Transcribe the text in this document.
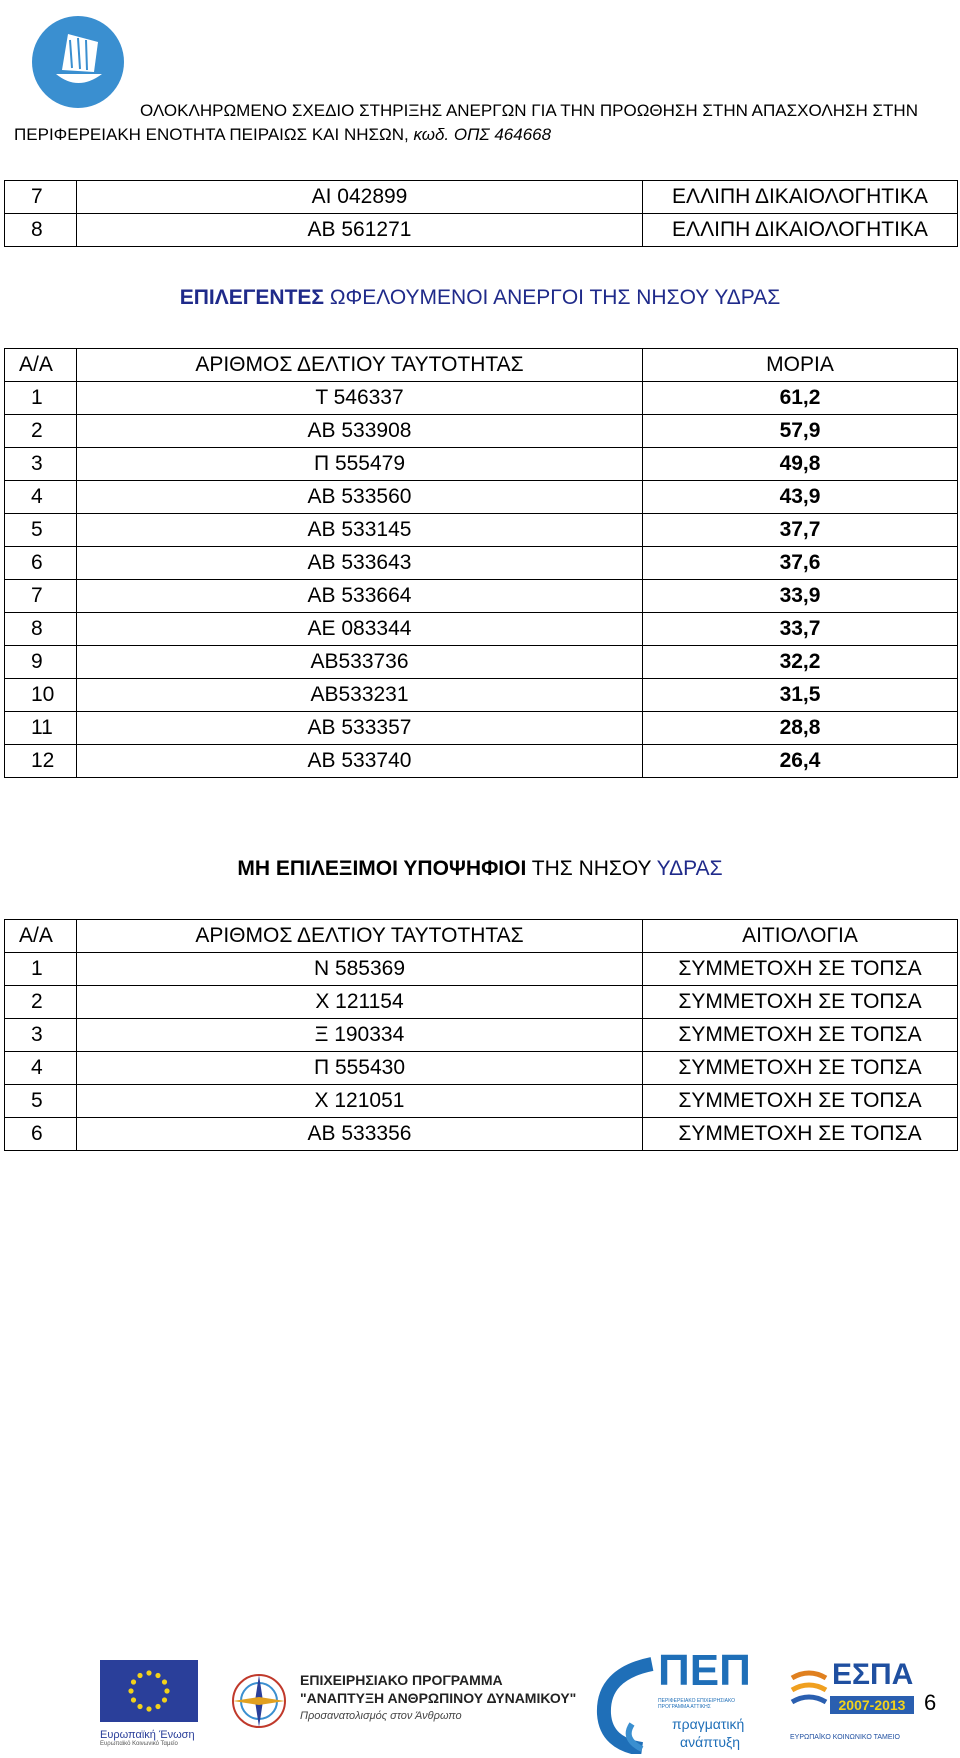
ΟΛΟΚΛΗΡΩΜΕΝΟ ΣΧΕΔΙΟ ΣΤΗΡΙΞΗΣ ΑΝΕΡΓΩΝ ΓΙΑ ΤΗΝ ΠΡΟΩΘΗΣΗ ΣΤΗΝ ΑΠΑΣΧΟΛΗΣΗ ΣΤΗΝ
ΠΕΡΙΦΕΡΕΙΑΚΗ ΕΝΟΤΗΤΑ ΠΕΙΡΑΙΩΣ ΚΑΙ ΝΗΣΩΝ, κωδ. ΟΠΣ 464668
7	ΑΙ 042899	ΕΛΛΙΠΗ ΔΙΚΑΙΟΛΟΓΗΤΙΚΑ
8	ΑΒ 561271	ΕΛΛΙΠΗ ΔΙΚΑΙΟΛΟΓΗΤΙΚΑ
ΕΠΙΛΕΓΕΝΤΕΣ ΩΦΕΛΟΥΜΕΝΟΙ ΑΝΕΡΓΟΙ ΤΗΣ ΝΗΣΟΥ ΥΔΡΑΣ
Α/Α	ΑΡΙΘΜΟΣ ΔΕΛΤΙΟΥ ΤΑΥΤΟΤΗΤΑΣ	ΜΟΡΙΑ
1	Τ 546337	61,2
2	ΑΒ 533908	57,9
3	Π 555479	49,8
4	ΑΒ 533560	43,9
5	ΑΒ 533145	37,7
6	ΑΒ 533643	37,6
7	ΑΒ 533664	33,9
8	ΑΕ 083344	33,7
9	ΑΒ533736	32,2
10	ΑΒ533231	31,5
11	ΑΒ 533357	28,8
12	ΑΒ 533740	26,4
ΜΗ ΕΠΙΛΕΞΙΜΟΙ ΥΠΟΨΗΦΙΟΙ ΤΗΣ ΝΗΣΟΥ ΥΔΡΑΣ
Α/Α	ΑΡΙΘΜΟΣ ΔΕΛΤΙΟΥ ΤΑΥΤΟΤΗΤΑΣ	ΑΙΤΙΟΛΟΓΙΑ
1	Ν 585369	ΣΥΜΜΕΤΟΧΗ ΣΕ ΤΟΠΣΑ
2	Χ 121154	ΣΥΜΜΕΤΟΧΗ ΣΕ ΤΟΠΣΑ
3	Ξ 190334	ΣΥΜΜΕΤΟΧΗ ΣΕ ΤΟΠΣΑ
4	Π 555430	ΣΥΜΜΕΤΟΧΗ ΣΕ ΤΟΠΣΑ
5	Χ 121051	ΣΥΜΜΕΤΟΧΗ ΣΕ ΤΟΠΣΑ
6	ΑΒ 533356	ΣΥΜΜΕΤΟΧΗ ΣΕ ΤΟΠΣΑ
Ευρωπαϊκή Ένωση
Ευρωπαϊκό Κοινωνικό Ταμείο
ΕΠΙΧΕΙΡΗΣΙΑΚΟ ΠΡΟΓΡΑΜΜΑ
"ΑΝΑΠΤΥΞΗ ΑΝΘΡΩΠΙΝΟΥ ΔΥΝΑΜΙΚΟΥ"
Προσανατολισμός στον Άνθρωπο
ΠΕΠ
ΠΕΡΙΦΕΡΕΙΑΚΟ ΕΠΙΧΕΙΡΗΣΙΑΚΟ ΠΡΟΓΡΑΜΜΑ ΑΤΤΙΚΗΣ
πραγματική
ανάπτυξη
ΕΣΠΑ
2007-2013
ΕΥΡΩΠΑΪΚΟ ΚΟΙΝΩΝΙΚΟ ΤΑΜΕΙΟ
6
